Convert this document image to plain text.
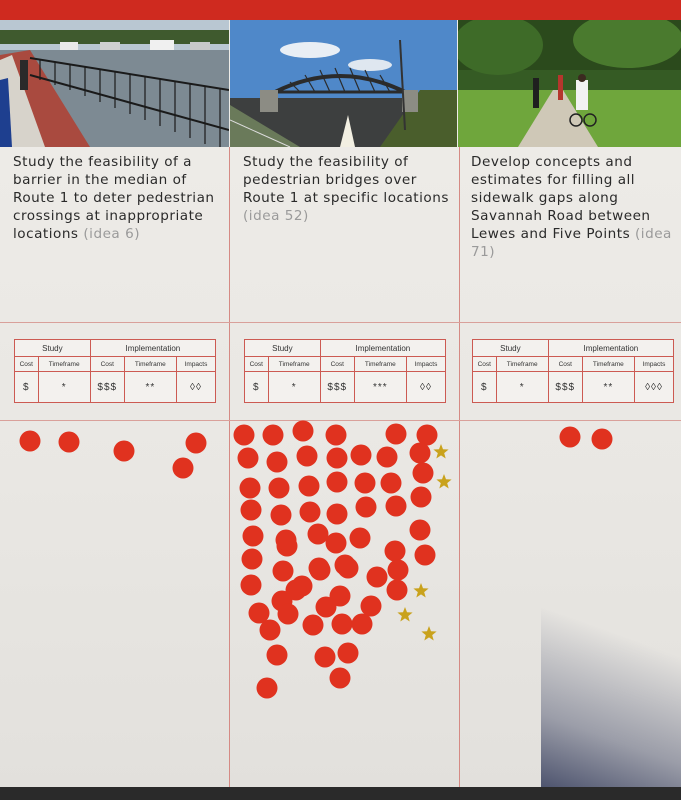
Study the feasibility of a barrier in the median of Route 1 to deter pedestrian crossings at inappropriate locations (idea 6)
Study the feasibility of pedestrian bridges over Route 1 at specific locations (idea 52)
Develop concepts and estimates for filling all sidewalk gaps along Savannah Road between Lewes and Five Points (idea 71)
Study		Implementation		
Cost	Timeframe	Cost	Timeframe	Impacts
$	*	$$$	**	◊◊
Study		Implementation		
Cost	Timeframe	Cost	Timeframe	Impacts
$	*	$$$	***	◊◊
Study		Implementation		
Cost	Timeframe	Cost	Timeframe	Impacts
$	*	$$$	**	◊◊◊
